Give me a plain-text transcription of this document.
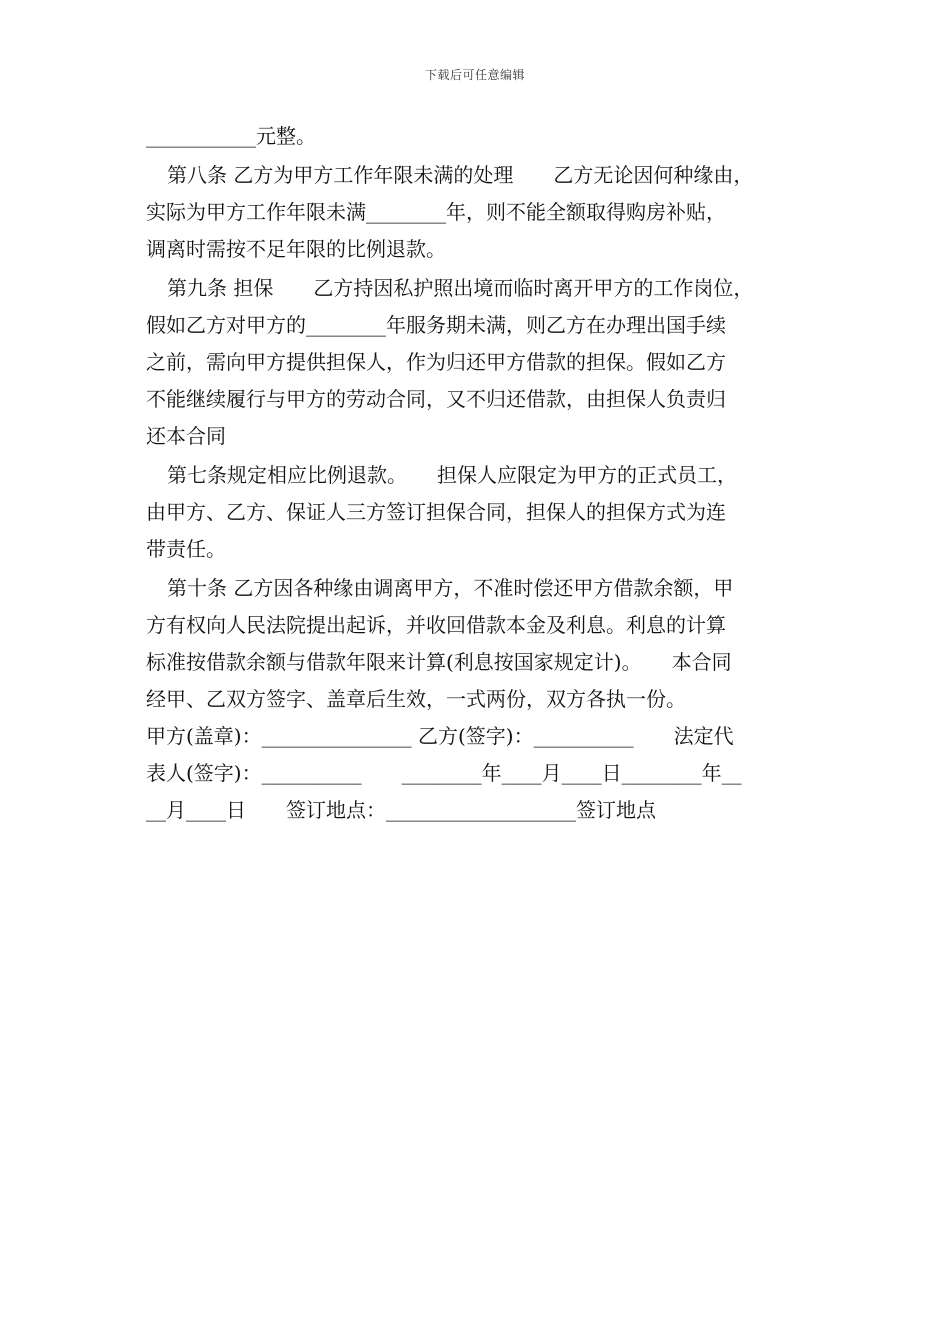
下载后可任意编辑
___________元整。
第八条 乙方为甲方工作年限未满的处理　　乙方无论因何种缘由，
实际为甲方工作年限未满________年，则不能全额取得购房补贴，
调离时需按不足年限的比例退款。
第九条 担保　　乙方持因私护照出境而临时离开甲方的工作岗位，
假如乙方对甲方的________年服务期未满，则乙方在办理出国手续
之前，需向甲方提供担保人，作为归还甲方借款的担保。假如乙方
不能继续履行与甲方的劳动合同，又不归还借款，由担保人负责归
还本合同
第七条规定相应比例退款。　　担保人应限定为甲方的正式员工，
由甲方、乙方、保证人三方签订担保合同，担保人的担保方式为连
带责任。
第十条 乙方因各种缘由调离甲方，不准时偿还甲方借款余额，甲
方有权向人民法院提出起诉，并收回借款本金及利息。利息的计算
标准按借款余额与借款年限来计算(利息按国家规定计)。　　本合同
经甲、乙双方签字、盖章后生效，一式两份，双方各执一份。
甲方(盖章)：_______________ 乙方(签字)：__________　　法定代
表人(签字)：__________　　________年____月____日________年__
__月____日　　签订地点：___________________签订地点
